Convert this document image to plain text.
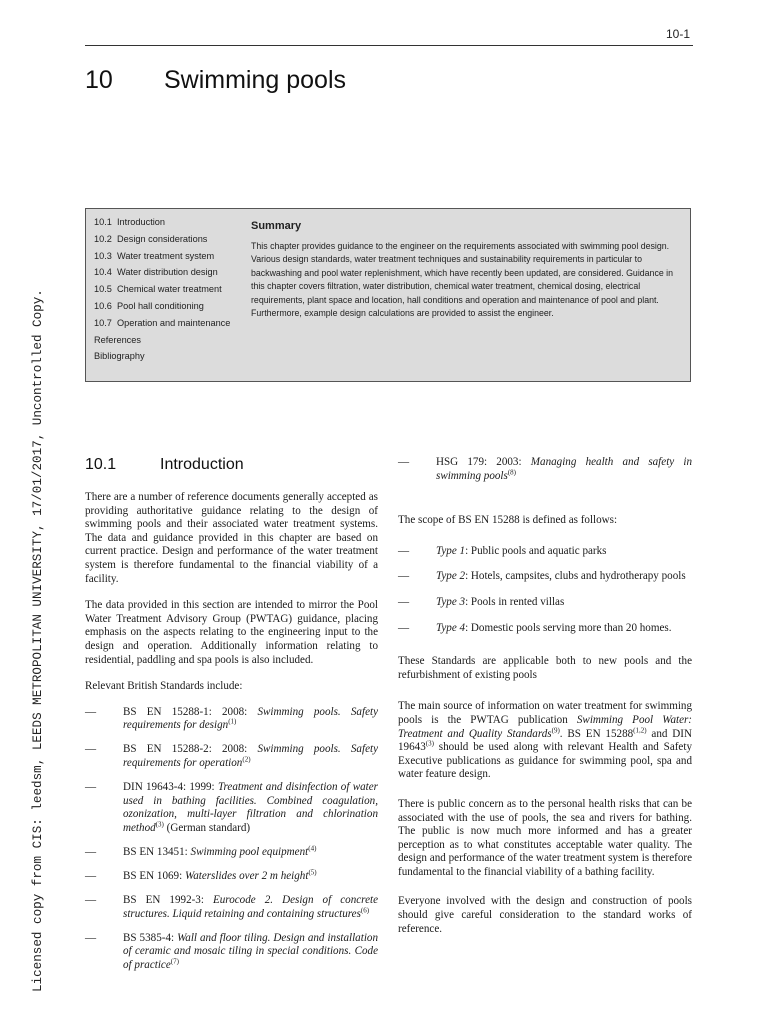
10-1
10 Swimming pools
Licensed copy from CIS: leedsm, LEEDS METROPOLITAN UNIVERSITY, 17/01/2017, Uncontrolled Copy.
10.1 Introduction
10.2 Design considerations
10.3 Water treatment system
10.4 Water distribution design
10.5 Chemical water treatment
10.6 Pool hall conditioning
10.7 Operation and maintenance
References
Bibliography
Summary
This chapter provides guidance to the engineer on the requirements associated with swimming pool design. Various design standards, water treatment techniques and sustainability requirements in particular to backwashing and pool water replenishment, which have recently been updated, are considered. Guidance in this chapter covers filtration, water distribution, chemical water treatment, chemical dosing, electrical requirements, plant space and location, hall conditions and operation and maintenance of pool and plant. Furthermore, example design calculations are provided to assist the engineer.
10.1	Introduction

There are a number of reference documents generally accepted as providing authoritative guidance relating to the design of swimming pools and their associated water treatment systems. The data and guidance provided in this chapter are based on current practice. Design and performance of the water treatment system is therefore fundamental to the financial viability of a facility.

The data provided in this section are intended to mirror the Pool Water Treatment Advisory Group (PWTAG) guidance, placing emphasis on the aspects relating to the engineering input to the design and operation. Additionally information relating to residential, paddling and spa pools is also included.

Relevant British Standards include:

— BS EN 15288-1: 2008: Swimming pools. Safety requirements for design$^{(1)}$
— BS EN 15288-2: 2008: Swimming pools. Safety requirements for operation$^{(2)}$
— DIN 19643-4: 1999: Treatment and disinfection of water used in bathing facilities. Combined coagulation, ozonization, multi-layer filtration and chlorination method$^{(3)}$ (German standard)
— BS EN 13451: Swimming pool equipment$^{(4)}$
— BS EN 1069: Waterslides over 2 m height$^{(5)}$
— BS EN 1992-3: Eurocode 2. Design of concrete structures. Liquid retaining and containing structures$^{(6)}$
— BS 5385-4: Wall and floor tiling. Design and installation of ceramic and mosaic tiling in special conditions. Code of practice$^{(7)}$
— HSG 179: 2003: Managing health and safety in swimming pools$^{(8)}$

The scope of BS EN 15288 is defined as follows:

— Type 1: Public pools and aquatic parks
— Type 2: Hotels, campsites, clubs and hydrotherapy pools
— Type 3: Pools in rented villas
— Type 4: Domestic pools serving more than 20 homes.

These Standards are applicable both to new pools and the refurbishment of existing pools

The main source of information on water treatment for swimming pools is the PWTAG publication Swimming Pool Water: Treatment and Quality Standards$^{(9)}$. BS EN 15288$^{(1,2)}$ and DIN 19643$^{(3)}$ should be used along with relevant Health and Safety Executive publications as guidance for swimming pool, spa and water feature design.

There is public concern as to the personal health risks that can be associated with the use of pools, the sea and rivers for bathing. The public is now much more informed and has a greater perception as to what constitutes acceptable water quality. The design and performance of the water treatment system is therefore fundamental to the financial viability of a bathing facility.

Everyone involved with the design and construction of pools should give careful consideration to the standard works of reference.
